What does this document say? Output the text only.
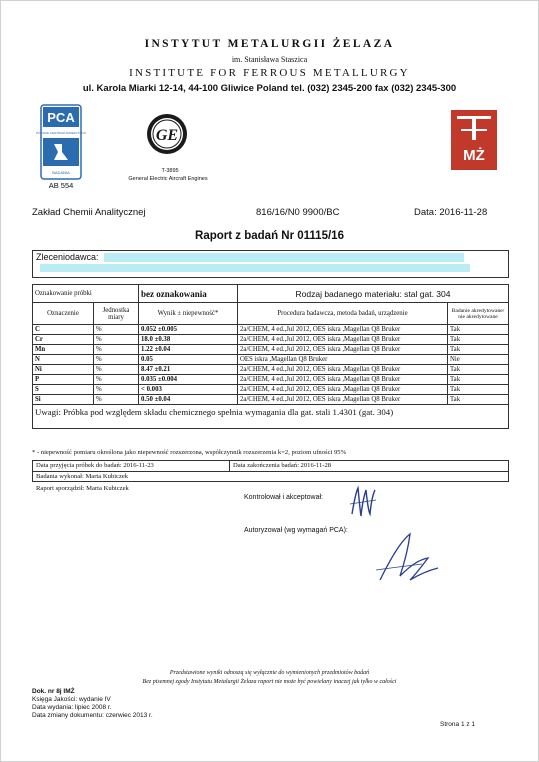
INSTYTUT METALURGII ŻELAZA
im. Stanisława Staszica
INSTITUTE FOR FERROUS METALLURGY
ul. Karola Miarki 12-14, 44-100 Gliwice Poland tel. (032) 2345-200 fax (032) 2345-300
PCA
POLSKIE CENTRUM AKREDYTACJI
BADANIA
AB 554
GE
T-3895
General Electric Aircraft Engines
MŻ
Zakład Chemii Analitycznej	816/16/N0 9900/BC	Data: 2016-11-28
Raport z badań Nr 01115/16
Zleceniodawca:
Oznakowanie próbki		bez oznakowania	Rodzaj badanego materiału: stal gat. 304	
Oznaczenie	Jednostka miary	Wynik ± niepewność*	Procedura badawcza, metoda badań, urządzenie	Badanie akredytowane/ nie akredytowane
C	%	0.052 ±0.005	2a/CHEM, 4 ed.,Jul 2012, OES iskra ,Magellan Q8 Bruker	Tak
Cr	%	18.0 ±0.38	2a/CHEM, 4 ed.,Jul 2012, OES iskra ,Magellan Q8 Bruker	Tak
Mn	%	1.22 ±0.04	2a/CHEM, 4 ed.,Jul 2012, OES iskra ,Magellan Q8 Bruker	Tak
N	%	0.05	OES iskra ,Magellan Q8 Bruker	Nie
Ni	%	8.47 ±0.21	2a/CHEM, 4 ed.,Jul 2012, OES iskra ,Magellan Q8 Bruker	Tak
P	%	0.035 ±0.004	2a/CHEM, 4 ed.,Jul 2012, OES iskra ,Magellan Q8 Bruker	Tak
S	%	< 0.003	2a/CHEM, 4 ed.,Jul 2012, OES iskra ,Magellan Q8 Bruker	Tak
Si	%	0.50 ±0.04	2a/CHEM, 4 ed.,Jul 2012, OES iskra ,Magellan Q8 Bruker	Tak
Uwagi: Próbka pod względem składu chemicznego spełnia wymagania dla gat. stali 1.4301 (gat. 304)				
* - niepewność pomiaru określona jako niepewność rozszerzona, współczynnik rozszerzenia k=2, poziom ufności 95%
Data przyjęcia próbek do badań: 2016-11-23	Data zakończenia badań: 2016-11-28
Badania wykonał: Marta Kubiczek
Raport sporządził: Marta Kubiczek
Kontrolował i akceptował:
Autoryzował (wg wymagań PCA):
Przedstawione wyniki odnoszą się wyłącznie do wymienionych przedmiotów badań
Bez pisemnej zgody Instytutu Metalurgii Żelaza raport nie może być powielany inaczej jak tylko w całości
Dok. nr 8j IMŻ
Księga Jakości: wydanie IV
Data wydania: lipiec 2008 r.
Data zmiany dokumentu: czerwiec 2013 r.
Strona 1 z 1
